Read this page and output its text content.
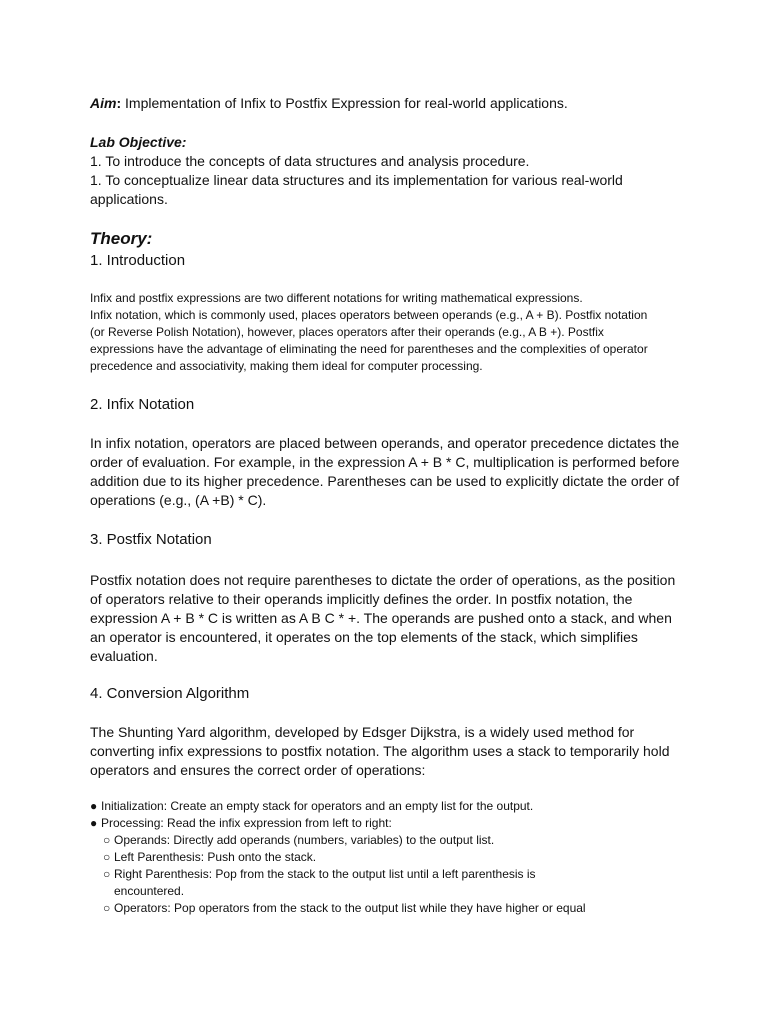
Aim: Implementation of Infix to Postfix Expression for real-world applications.
Lab Objective:
1. To introduce the concepts of data structures and analysis procedure.
1. To conceptualize linear data structures and its implementation for various real-world
applications.
Theory:
1. Introduction
Infix and postfix expressions are two different notations for writing mathematical expressions.
Infix notation, which is commonly used, places operators between operands (e.g., A + B). Postfix notation
(or Reverse Polish Notation), however, places operators after their operands (e.g., A B +). Postfix
expressions have the advantage of eliminating the need for parentheses and the complexities of operator
precedence and associativity, making them ideal for computer processing.
2. Infix Notation
In infix notation, operators are placed between operands, and operator precedence dictates the
order of evaluation. For example, in the expression A + B * C, multiplication is performed before
addition due to its higher precedence. Parentheses can be used to explicitly dictate the order of
operations (e.g., (A +B) * C).
3. Postfix Notation
Postfix notation does not require parentheses to dictate the order of operations, as the position
of operators relative to their operands implicitly defines the order. In postfix notation, the
expression A + B * C is written as A B C * +. The operands are pushed onto a stack, and when
an operator is encountered, it operates on the top elements of the stack, which simplifies
evaluation.
4. Conversion Algorithm
The Shunting Yard algorithm, developed by Edsger Dijkstra, is a widely used method for
converting infix expressions to postfix notation. The algorithm uses a stack to temporarily hold
operators and ensures the correct order of operations:
● Initialization: Create an empty stack for operators and an empty list for the output.
● Processing: Read the infix expression from left to right:
○ Operands: Directly add operands (numbers, variables) to the output list.
○ Left Parenthesis: Push onto the stack.
○ Right Parenthesis: Pop from the stack to the output list until a left parenthesis is
encountered.
○ Operators: Pop operators from the stack to the output list while they have higher or equal
